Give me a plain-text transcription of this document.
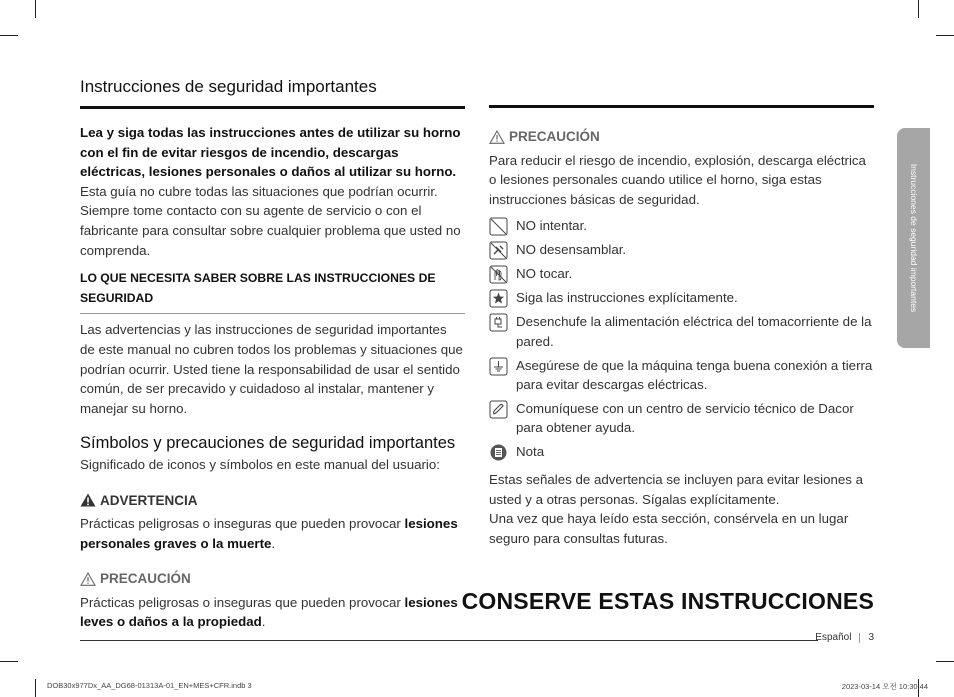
Instrucciones de seguridad importantes

Lea y siga todas las instrucciones antes de utilizar su horno con el fin de evitar riesgos de incendio, descargas eléctricas, lesiones personales o daños al utilizar su horno. Esta guía no cubre todas las situaciones que podrían ocurrir. Siempre tome contacto con su agente de servicio o con el fabricante para consultar sobre cualquier problema que usted no comprenda.

LO QUE NECESITA SABER SOBRE LAS INSTRUCCIONES DE SEGURIDAD

Las advertencias y las instrucciones de seguridad importantes de este manual no cubren todos los problemas y situaciones que podrían ocurrir. Usted tiene la responsabilidad de usar el sentido común, de ser precavido y cuidadoso al instalar, mantener y manejar su horno.

Símbolos y precauciones de seguridad importantes

Significado de iconos y símbolos en este manual del usuario:

ADVERTENCIA

Prácticas peligrosas o inseguras que pueden provocar lesiones personales graves o la muerte.

PRECAUCIÓN

Prácticas peligrosas o inseguras que pueden provocar lesiones leves o daños a la propiedad.

PRECAUCIÓN

Para reducir el riesgo de incendio, explosión, descarga eléctrica o lesiones personales cuando utilice el horno, siga estas instrucciones básicas de seguridad.

NO intentar.
NO desensamblar.
NO tocar.
Siga las instrucciones explícitamente.
Desenchufe la alimentación eléctrica del tomacorriente de la pared.
Asegúrese de que la máquina tenga buena conexión a tierra para evitar descargas eléctricas.
Comuníquese con un centro de servicio técnico de Dacor para obtener ayuda.
Nota

Estas señales de advertencia se incluyen para evitar lesiones a usted y a otras personas. Sígalas explícitamente.

Una vez que haya leído esta sección, consérvela en un lugar seguro para consultas futuras.

CONSERVE ESTAS INSTRUCCIONES
Español 3
Instrucciones de seguridad importantes
DOB30x977Dx_AA_DG68-01313A-01_EN+MES+CFR.indb 3	2023-03-14 오전 10:30:44
